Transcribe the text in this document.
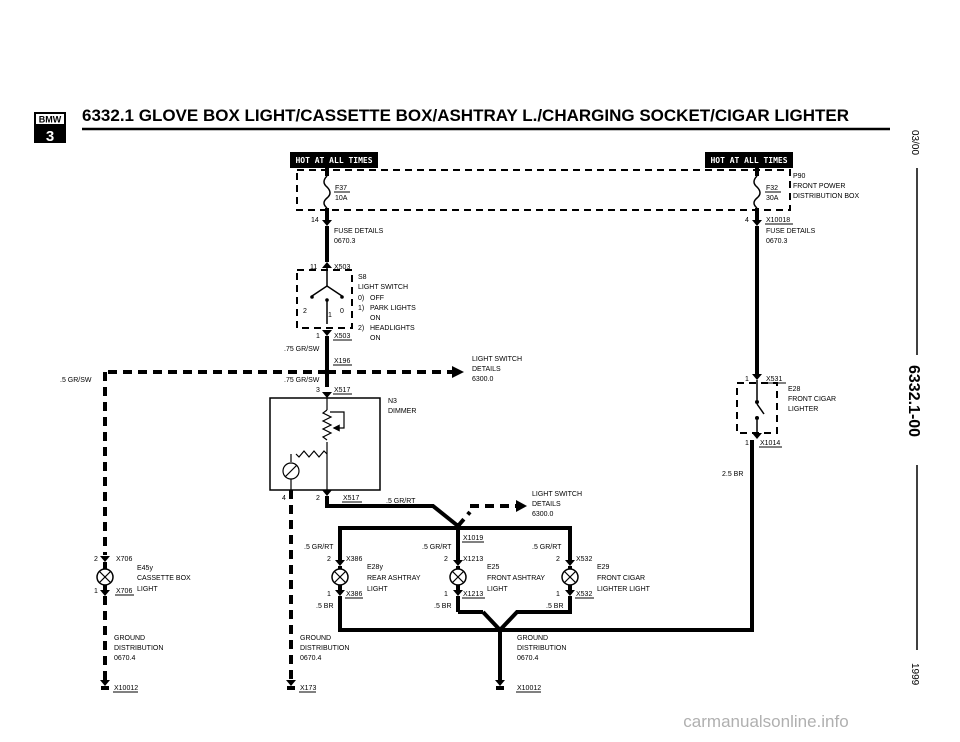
BMW
3
6332.1 GLOVE BOX LIGHT/CASSETTE BOX/ASHTRAY L./CHARGING SOCKET/CIGAR LIGHTER
03/00
6332.1-00
1999
HOT AT ALL TIMES	HOT AT ALL TIMES
F37
10A
14
FUSE DETAILS
0670.3
F32
30A
4 X10018
FUSE DETAILS
0670.3
P90
FRONT POWER
DISTRIBUTION BOX
11 X503
2
1
0
1 X503
S8
LIGHT SWITCH
0) OFF
1) PARK LIGHTS
ON
2) HEADLIGHTS
ON
.75 GR/SW
X196	LIGHT SWITCH
DETAILS
6300.0
.5 GR/SW	.75 GR/SW
3 X517
N3
DIMMER
4	2	X517	.5 GR/RT
LIGHT SWITCH
DETAILS
6300.0
X1019
.5 GR/RT
2 X386
E28y
REAR ASHTRAY
LIGHT
1 X386
.5 BR
.5 GR/RT
2 X1213
E25
FRONT ASHTRAY
LIGHT
1 X1213
.5 BR
.5 GR/RT
2 X532
E29
FRONT CIGAR
LIGHTER LIGHT
1 X532
.5 BR
1 X531
E28
FRONT CIGAR
LIGHTER
1 X1014
2.5 BR
2	X706
E45y
CASSETTE BOX
LIGHT
1	X706
GROUND
DISTRIBUTION
0670.4
X10012
GROUND
DISTRIBUTION
0670.4
X173
GROUND
DISTRIBUTION
0670.4
X10012
carmanualsonline.info
